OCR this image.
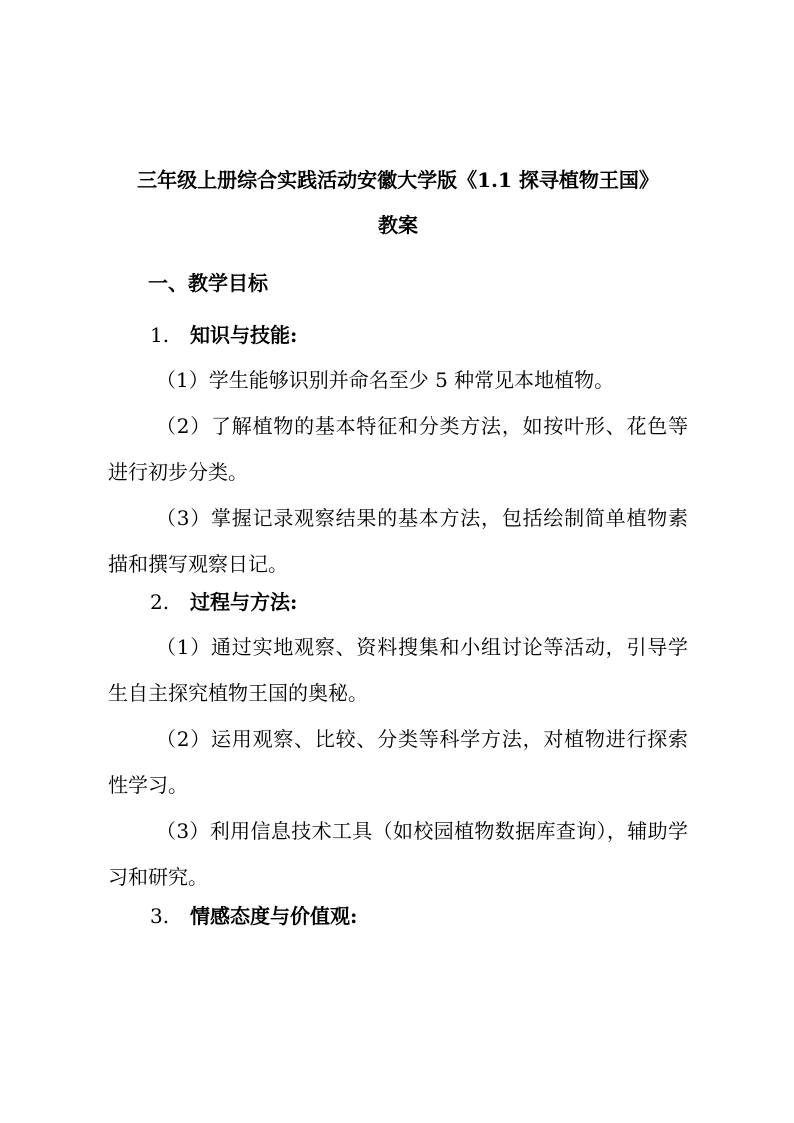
三年级上册综合实践活动安徽大学版《1.1 探寻植物王国》
教案
一、教学目标
1. 知识与技能:
（1）学生能够识别并命名至少 5 种常见本地植物。
（2）了解植物的基本特征和分类方法，如按叶形、花色等进行初步分类。
（3）掌握记录观察结果的基本方法，包括绘制简单植物素描和撰写观察日记。
2. 过程与方法:
（1）通过实地观察、资料搜集和小组讨论等活动，引导学生自主探究植物王国的奥秘。
（2）运用观察、比较、分类等科学方法，对植物进行探索性学习。
（3）利用信息技术工具（如校园植物数据库查询），辅助学习和研究。
3. 情感态度与价值观:
